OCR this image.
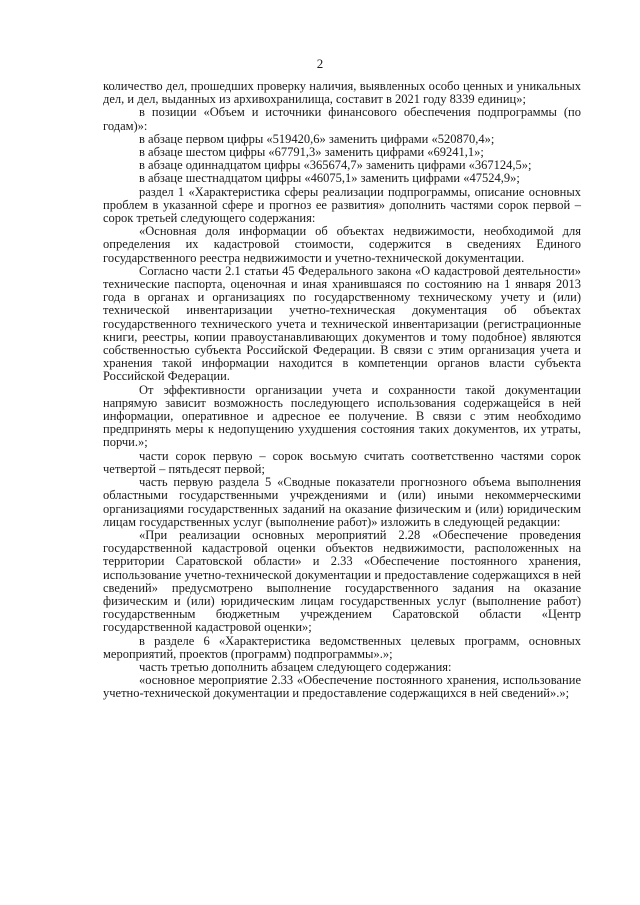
2

количество дел, прошедших проверку наличия, выявленных особо ценных и уникальных дел, и дел, выданных из архивохранилища, составит в 2021 году 8339 единиц»;

в позиции «Объем и источники финансового обеспечения подпрограммы (по годам)»:

в абзаце первом цифры «519420,6» заменить цифрами «520870,4»;

в абзаце шестом цифры «67791,3» заменить цифрами «69241,1»;

в абзаце одиннадцатом цифры «365674,7» заменить цифрами «367124,5»;

в абзаце шестнадцатом цифры «46075,1» заменить цифрами «47524,9»;

раздел 1 «Характеристика сферы реализации подпрограммы, описание основных проблем в указанной сфере и прогноз ее развития» дополнить частями сорок первой – сорок третьей следующего содержания:

«Основная доля информации об объектах недвижимости, необходимой для определения их кадастровой стоимости, содержится в сведениях Единого государственного реестра недвижимости и учетно-технической документации.

Согласно части 2.1 статьи 45 Федерального закона «О кадастровой деятельности» технические паспорта, оценочная и иная хранившаяся по состоянию на 1 января 2013 года в органах и организациях по государственному техническому учету и (или) технической инвентаризации учетно-техническая документация об объектах государственного технического учета и технической инвентаризации (регистрационные книги, реестры, копии правоустанавливающих документов и тому подобное) являются собственностью субъекта Российской Федерации. В связи с этим организация учета и хранения такой информации находится в компетенции органов власти субъекта Российской Федерации.

От эффективности организации учета и сохранности такой документации напрямую зависит возможность последующего использования содержащейся в ней информации, оперативное и адресное ее получение. В связи с этим необходимо предпринять меры к недопущению ухудшения состояния таких документов, их утраты, порчи.»;

части сорок первую – сорок восьмую считать соответственно частями сорок четвертой – пятьдесят первой;

часть первую раздела 5 «Сводные показатели прогнозного объема выполнения областными государственными учреждениями и (или) иными некоммерческими организациями государственных заданий на оказание физическим и (или) юридическим лицам государственных услуг (выполнение работ)» изложить в следующей редакции:

«При реализации основных мероприятий 2.28 «Обеспечение проведения государственной кадастровой оценки объектов недвижимости, расположенных на территории Саратовской области» и 2.33 «Обеспечение постоянного хранения, использование учетно-технической документации и предоставление содержащихся в ней сведений» предусмотрено выполнение государственного задания на оказание физическим и (или) юридическим лицам государственных услуг (выполнение работ) государственным бюджетным учреждением Саратовской области «Центр государственной кадастровой оценки»;

в разделе 6 «Характеристика ведомственных целевых программ, основных мероприятий, проектов (программ) подпрограммы».»;

часть третью дополнить абзацем следующего содержания:

«основное мероприятие 2.33 «Обеспечение постоянного хранения, использование учетно-технической документации и предоставление содержащихся в ней сведений».»;
